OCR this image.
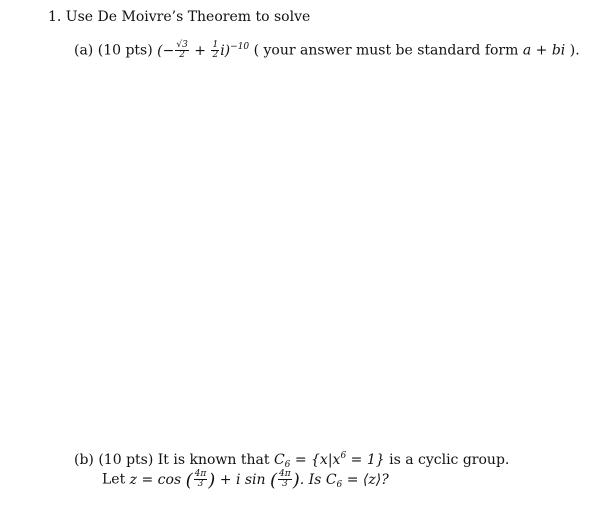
1. Use De Moivre’s Theorem to solve
(a) (10 pts) (− $\frac{√3}{2} + \frac{1}{2} i)^{-10}$ ( your answer must be standard form a + bi ).
(b) (10 pts) It is known that $C_6 = \{x|x^6 = 1\}$ is a cyclic group.
Let z = cos ( $\frac{4\pi}{3}$ ) + i sin ( $\frac{4\pi}{3}$ ). Is $C_6$ = ⟨z⟩?
